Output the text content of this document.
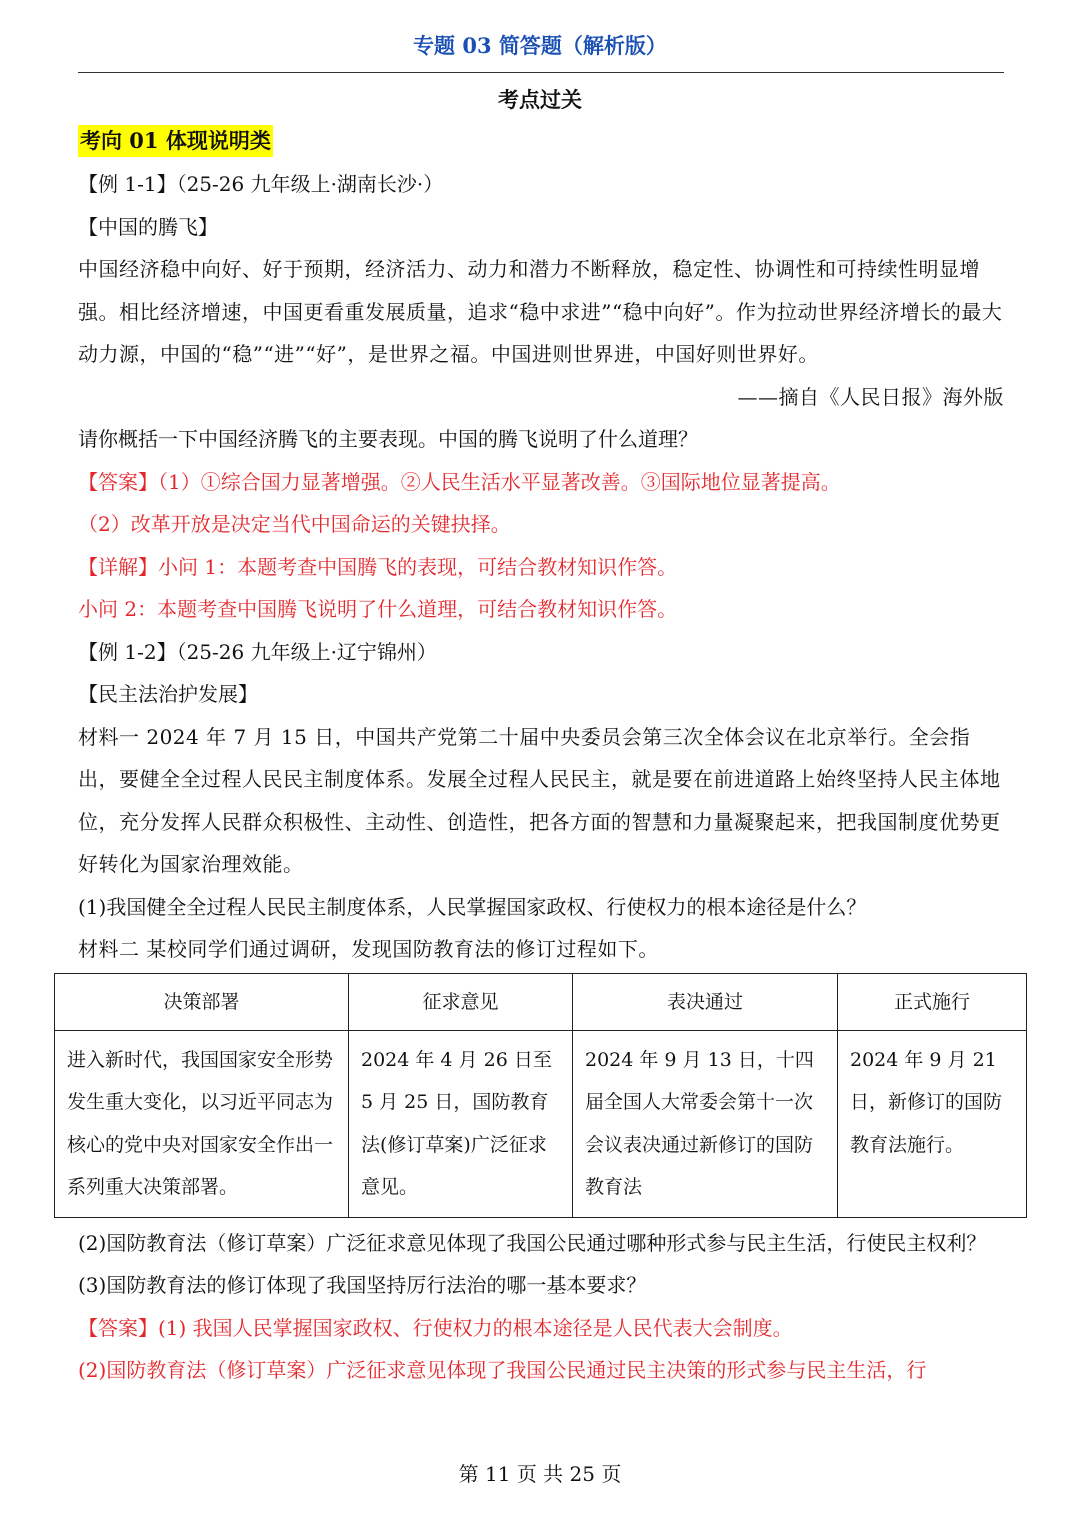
专题 03 简答题（解析版）
考点过关
考向 01 体现说明类

【例 1-1】（25-26 九年级上·湖南长沙·）

【中国的腾飞】

中国经济稳中向好、好于预期，经济活力、动力和潜力不断释放，稳定性、协调性和可持续性明显增强。相比经济增速，中国更看重发展质量，追求“稳中求进”“稳中向好”。作为拉动世界经济增长的最大动力源，中国的“稳”“进”“好”，是世界之福。中国进则世界进，中国好则世界好。

——摘自《人民日报》海外版

请你概括一下中国经济腾飞的主要表现。中国的腾飞说明了什么道理？

【答案】（1）①综合国力显著增强。②人民生活水平显著改善。③国际地位显著提高。

（2）改革开放是决定当代中国命运的关键抉择。

【详解】小问 1：本题考查中国腾飞的表现，可结合教材知识作答。

小问 2：本题考查中国腾飞说明了什么道理，可结合教材知识作答。

【例 1-2】（25-26 九年级上·辽宁锦州）

【民主法治护发展】

材料一 2024 年 7 月 15 日，中国共产党第二十届中央委员会第三次全体会议在北京举行。全会指出，要健全全过程人民民主制度体系。发展全过程人民民主，就是要在前进道路上始终坚持人民主体地位，充分发挥人民群众积极性、主动性、创造性，把各方面的智慧和力量凝聚起来，把我国制度优势更好转化为国家治理效能。

(1)我国健全全过程人民民主制度体系，人民掌握国家政权、行使权力的根本途径是什么？

材料二 某校同学们通过调研，发现国防教育法的修订过程如下。

决策部署	征求意见	表决通过	正式施行
进入新时代，我国国家安全形势发生重大变化，以习近平同志为核心的党中央对国家安全作出一系列重大决策部署。	2024 年 4 月 26 日至 5 月 25 日，国防教育法(修订草案)广泛征求意见。	2024 年 9 月 13 日，十四届全国人大常委会第十一次会议表决通过新修订的国防教育法	2024 年 9 月 21 日，新修订的国防教育法施行。

(2)国防教育法（修订草案）广泛征求意见体现了我国公民通过哪种形式参与民主生活，行使民主权利？

(3)国防教育法的修订体现了我国坚持厉行法治的哪一基本要求？

【答案】(1) 我国人民掌握国家政权、行使权力的根本途径是人民代表大会制度。

(2)国防教育法（修订草案）广泛征求意见体现了我国公民通过民主决策的形式参与民主生活，行

第 11 页 共 25 页
